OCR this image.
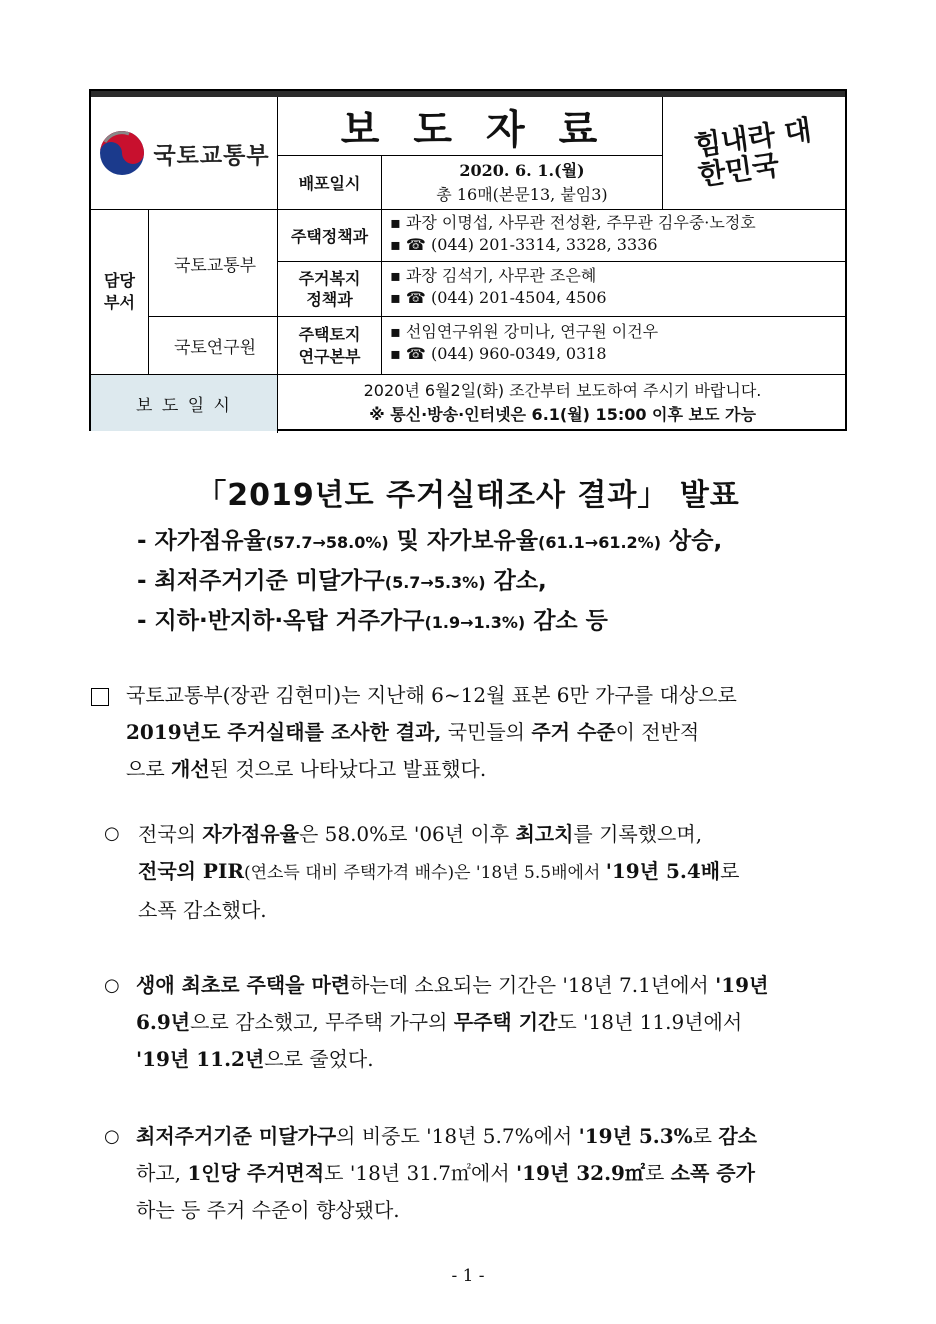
국토교통부
보도자료
배포일시
2020. 6. 1.(월)
총 16매(본문13, 붙임3)
힘내라 대한민국
담당
부서
국토교통부
국토연구원
주택정책과
▪ 과장 이명섭, 사무관 전성환, 주무관 김우중·노정호
▪ ☎ (044) 201-3314, 3328, 3336
주거복지
정책과
▪ 과장 김석기, 사무관 조은혜
▪ ☎ (044) 201-4504, 4506
주택토지
연구본부
▪ 선임연구위원 강미나, 연구원 이건우
▪ ☎ (044) 960-0349, 0318
보 도 일 시
2020년 6월2일(화) 조간부터 보도하여 주시기 바랍니다.
※ 통신·방송·인터넷은 6.1(월) 15:00 이후 보도 가능
「2019년도 주거실태조사 결과」 발표
- 자가점유율(57.7→58.0%) 및 자가보유율(61.1→61.2%) 상승,
- 최저주거기준 미달가구(5.7→5.3%) 감소,
- 지하·반지하·옥탑 거주가구(1.9→1.3%) 감소 등
국토교통부(장관 김현미)는 지난해 6~12월 표본 6만 가구를 대상으로
2019년도 주거실태를 조사한 결과, 국민들의 주거 수준이 전반적
으로 개선된 것으로 나타났다고 발표했다.
○ 전국의 자가점유율은 58.0%로 '06년 이후 최고치를 기록했으며,
전국의 PIR(연소득 대비 주택가격 배수)은 '18년 5.5배에서 '19년 5.4배로
소폭 감소했다.
○ 생애 최초로 주택을 마련하는데 소요되는 기간은 '18년 7.1년에서 '19년
6.9년으로 감소했고, 무주택 가구의 무주택 기간도 '18년 11.9년에서
'19년 11.2년으로 줄었다.
○ 최저주거기준 미달가구의 비중도 '18년 5.7%에서 '19년 5.3%로 감소
하고, 1인당 주거면적도 '18년 31.7㎡에서 '19년 32.9㎡로 소폭 증가
하는 등 주거 수준이 향상됐다.
- 1 -
